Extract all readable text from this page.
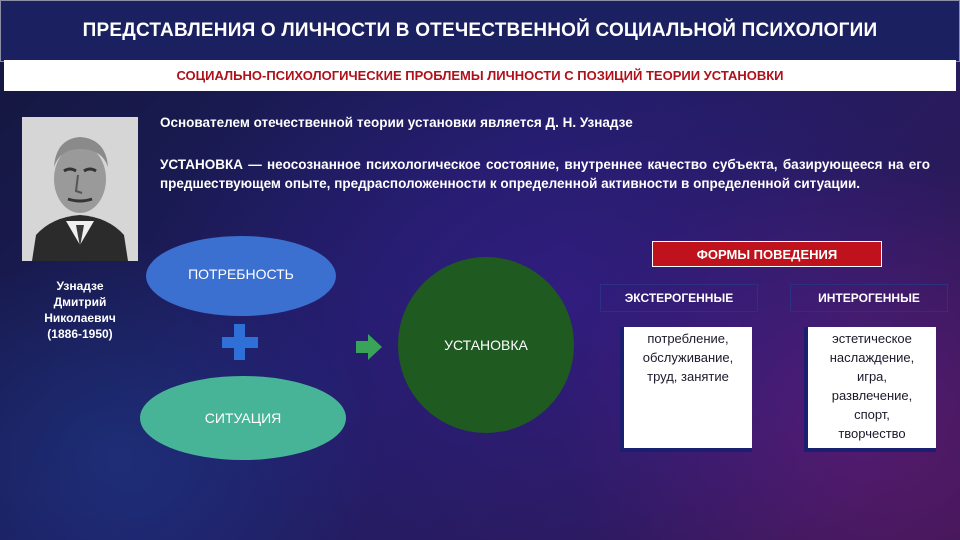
ПРЕДСТАВЛЕНИЯ О ЛИЧНОСТИ В ОТЕЧЕСТВЕННОЙ СОЦИАЛЬНОЙ ПСИХОЛОГИИ
СОЦИАЛЬНО-ПСИХОЛОГИЧЕСКИЕ ПРОБЛЕМЫ ЛИЧНОСТИ С ПОЗИЦИЙ ТЕОРИИ УСТАНОВКИ
Узнадзе
Дмитрий
Николаевич
(1886-1950)
Основателем отечественной теории установки является Д. Н. Узнадзе
УСТАНОВКА — неосознанное психологическое состояние, внутреннее качество субъекта, базирующееся на его предшествующем опыте, предрасположенности к определенной активности в определенной ситуации.
ПОТРЕБНОСТЬ
СИТУАЦИЯ
УСТАНОВКА
ФОРМЫ ПОВЕДЕНИЯ
ЭКСТЕРОГЕННЫЕ	ИНТЕРОГЕННЫЕ
потребление,
обслуживание,
труд, занятие
эстетическое
наслаждение,
игра,
развлечение,
спорт,
творчество
